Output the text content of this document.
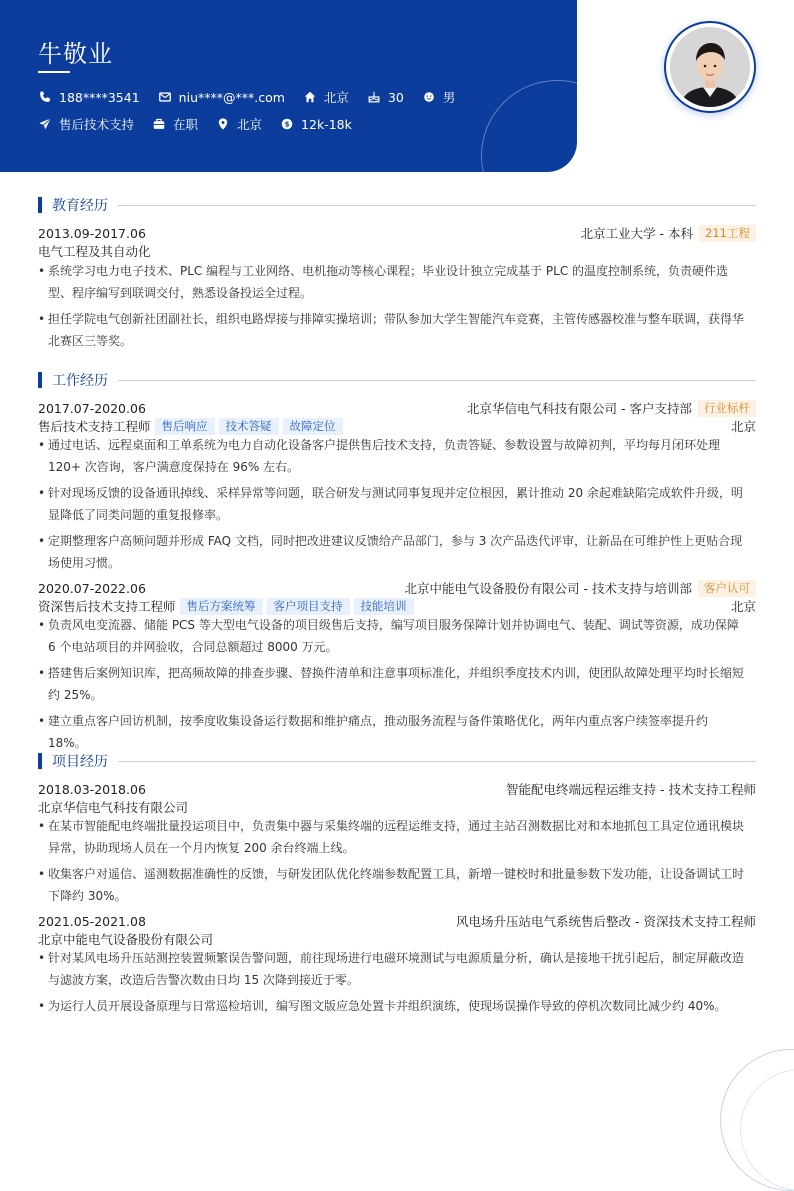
牛敬业
188****3541	niu****@***.com	北京	30	男
售后技术支持	在职	北京	$ 12k-18k
教育经历
2013.09-2017.06	北京工业大学 - 本科	211工程
电气工程及其自动化
• 系统学习电力电子技术、PLC 编程与工业网络、电机拖动等核心课程；毕业设计独立完成基于 PLC 的温度控制系统，负责硬件选型、程序编写到联调交付，熟悉设备投运全过程。
• 担任学院电气创新社团副社长，组织电路焊接与排障实操培训；带队参加大学生智能汽车竞赛，主管传感器校准与整车联调，获得华北赛区三等奖。
工作经历
2017.07-2020.06	北京华信电气科技有限公司 - 客户支持部	行业标杆
售后技术支持工程师 售后响应	技术答疑	故障定位	北京
• 通过电话、远程桌面和工单系统为电力自动化设备客户提供售后技术支持，负责答疑、参数设置与故障初判，平均每月闭环处理 120+ 次咨询，客户满意度保持在 96% 左右。
• 针对现场反馈的设备通讯掉线、采样异常等问题，联合研发与测试同事复现并定位根因，累计推动 20 余起难缺陷完成软件升级，明显降低了同类问题的重复报修率。
• 定期整理客户高频问题并形成 FAQ 文档，同时把改进建议反馈给产品部门，参与 3 次产品迭代评审，让新品在可维护性上更贴合现场使用习惯。
2020.07-2022.06	北京中能电气设备股份有限公司 - 技术支持与培训部	客户认可
资深售后技术支持工程师 售后方案统筹	客户项目支持	技能培训	北京
• 负责风电变流器、储能 PCS 等大型电气设备的项目级售后支持，编写项目服务保障计划并协调电气、装配、调试等资源，成功保障 6 个电站项目的并网验收，合同总额超过 8000 万元。
• 搭建售后案例知识库，把高频故障的排查步骤、替换件清单和注意事项标准化，并组织季度技术内训，使团队故障处理平均时长缩短约 25%。
• 建立重点客户回访机制，按季度收集设备运行数据和维护痛点，推动服务流程与备件策略优化，两年内重点客户续签率提升约 18%。
项目经历
2018.03-2018.06	智能配电终端远程运维支持 - 技术支持工程师
北京华信电气科技有限公司
• 在某市智能配电终端批量投运项目中，负责集中器与采集终端的远程运维支持，通过主站召测数据比对和本地抓包工具定位通讯模块异常，协助现场人员在一个月内恢复 200 余台终端上线。
• 收集客户对遥信、遥测数据准确性的反馈，与研发团队优化终端参数配置工具，新增一键校时和批量参数下发功能，让设备调试工时下降约 30%。
2021.05-2021.08	风电场升压站电气系统售后整改 - 资深技术支持工程师
北京中能电气设备股份有限公司
• 针对某风电场升压站测控装置频繁误告警问题，前往现场进行电磁环境测试与电源质量分析，确认是接地干扰引起后，制定屏蔽改造与滤波方案，改造后告警次数由日均 15 次降到接近于零。
• 为运行人员开展设备原理与日常巡检培训，编写图文版应急处置卡并组织演练，使现场误操作导致的停机次数同比减少约 40%。
